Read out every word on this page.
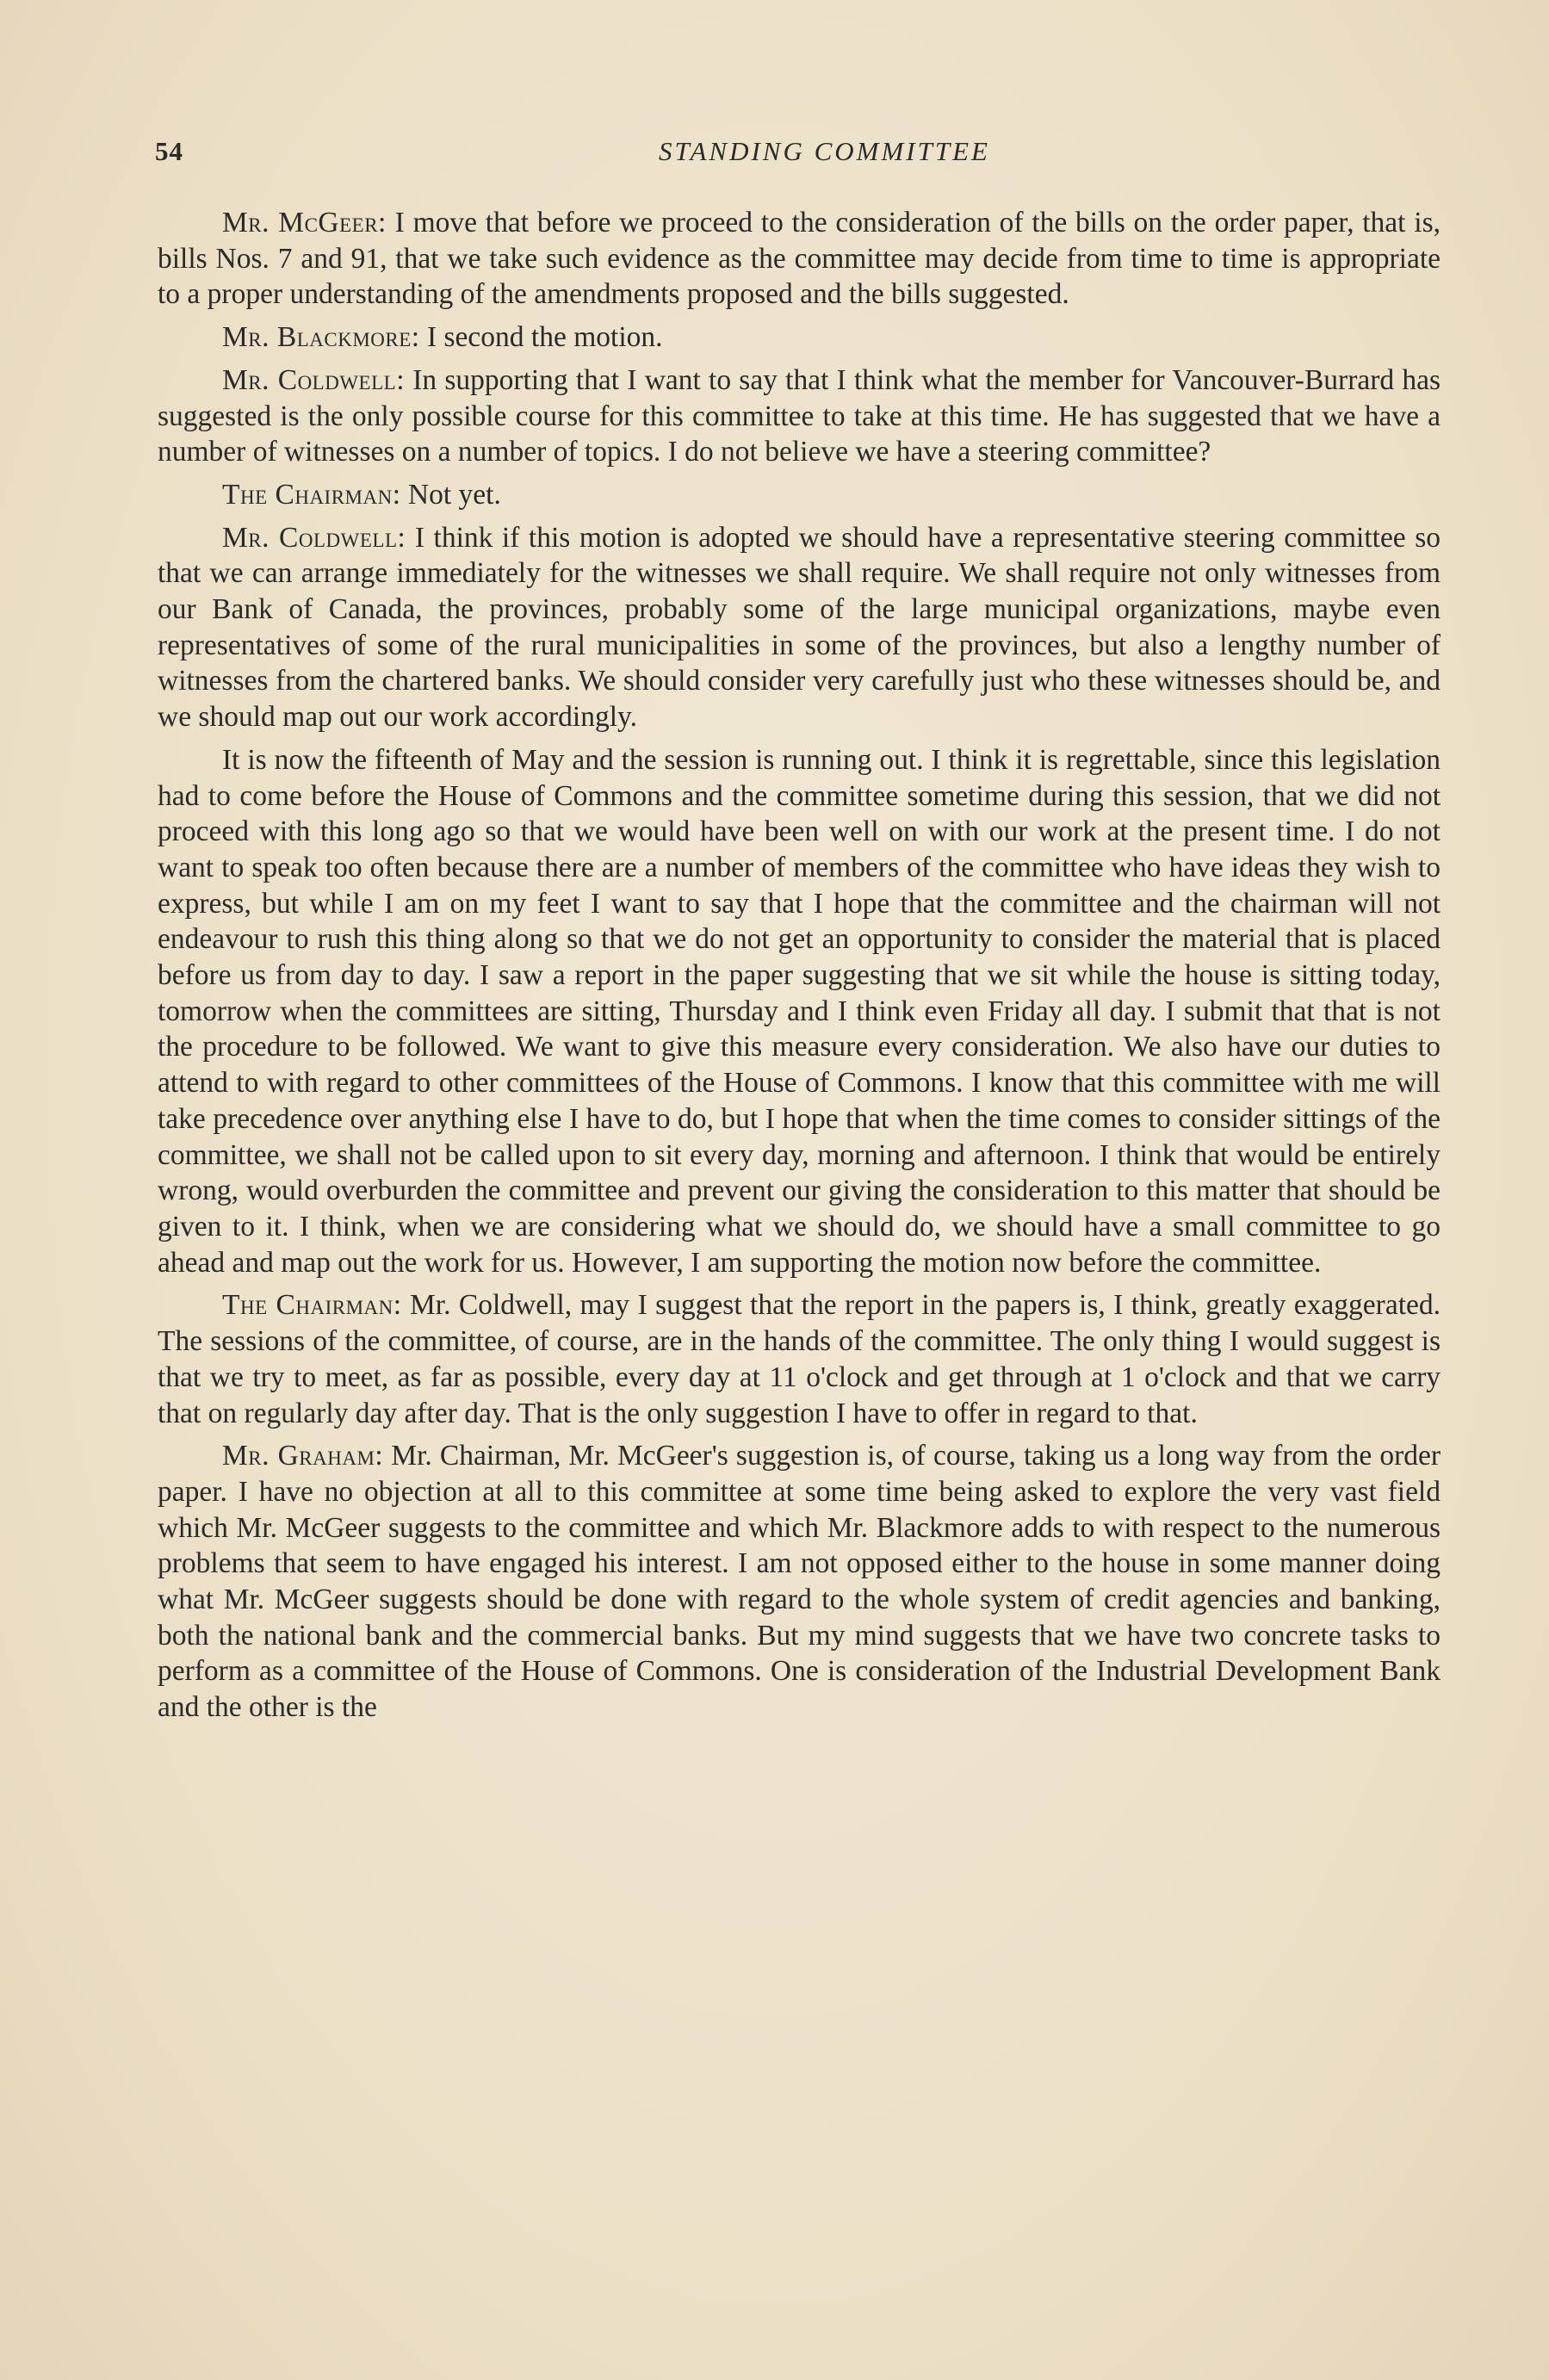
54	STANDING COMMITTEE

Mr. McGeer: I move that before we proceed to the consideration of the bills on the order paper, that is, bills Nos. 7 and 91, that we take such evidence as the committee may decide from time to time is appropriate to a proper understanding of the amendments proposed and the bills suggested.

Mr. Blackmore: I second the motion.

Mr. Coldwell: In supporting that I want to say that I think what the member for Vancouver-Burrard has suggested is the only possible course for this committee to take at this time. He has suggested that we have a number of witnesses on a number of topics. I do not believe we have a steering committee?

The Chairman: Not yet.

Mr. Coldwell: I think if this motion is adopted we should have a representative steering committee so that we can arrange immediately for the witnesses we shall require. We shall require not only witnesses from our Bank of Canada, the provinces, probably some of the large municipal organizations, maybe even representatives of some of the rural municipalities in some of the provinces, but also a lengthy number of witnesses from the chartered banks. We should consider very carefully just who these witnesses should be, and we should map out our work accordingly.

It is now the fifteenth of May and the session is running out. I think it is regrettable, since this legislation had to come before the House of Commons and the committee sometime during this session, that we did not proceed with this long ago so that we would have been well on with our work at the present time. I do not want to speak too often because there are a number of members of the committee who have ideas they wish to express, but while I am on my feet I want to say that I hope that the committee and the chairman will not endeavour to rush this thing along so that we do not get an opportunity to consider the material that is placed before us from day to day. I saw a report in the paper suggesting that we sit while the house is sitting today, tomorrow when the committees are sitting, Thursday and I think even Friday all day. I submit that that is not the procedure to be followed. We want to give this measure every consideration. We also have our duties to attend to with regard to other committees of the House of Commons. I know that this committee with me will take precedence over anything else I have to do, but I hope that when the time comes to consider sittings of the committee, we shall not be called upon to sit every day, morning and afternoon. I think that would be entirely wrong, would overburden the committee and prevent our giving the consideration to this matter that should be given to it. I think, when we are considering what we should do, we should have a small committee to go ahead and map out the work for us. However, I am supporting the motion now before the committee.

The Chairman: Mr. Coldwell, may I suggest that the report in the papers is, I think, greatly exaggerated. The sessions of the committee, of course, are in the hands of the committee. The only thing I would suggest is that we try to meet, as far as possible, every day at 11 o'clock and get through at 1 o'clock and that we carry that on regularly day after day. That is the only suggestion I have to offer in regard to that.

Mr. Graham: Mr. Chairman, Mr. McGeer's suggestion is, of course, taking us a long way from the order paper. I have no objection at all to this committee at some time being asked to explore the very vast field which Mr. McGeer suggests to the committee and which Mr. Blackmore adds to with respect to the numerous problems that seem to have engaged his interest. I am not opposed either to the house in some manner doing what Mr. McGeer suggests should be done with regard to the whole system of credit agencies and banking, both the national bank and the commercial banks. But my mind suggests that we have two concrete tasks to perform as a committee of the House of Commons. One is consideration of the Industrial Development Bank and the other is the
